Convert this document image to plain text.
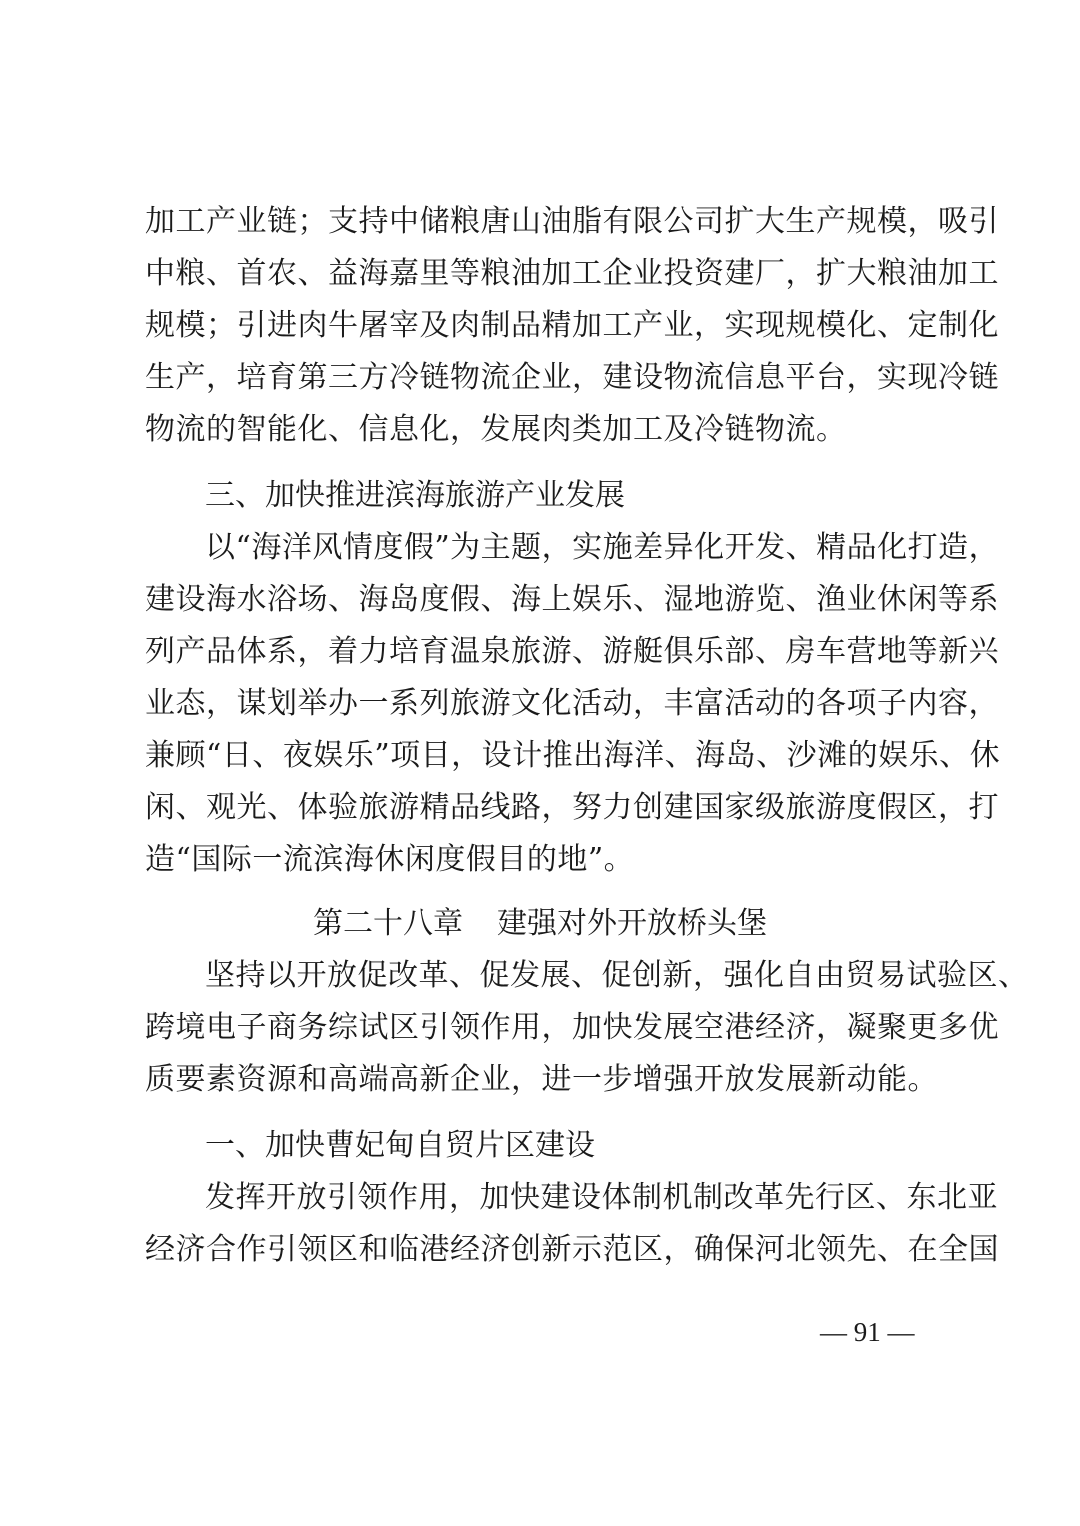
加工产业链；支持中储粮唐山油脂有限公司扩大生产规模，吸引
中粮、首农、益海嘉里等粮油加工企业投资建厂，扩大粮油加工
规模；引进肉牛屠宰及肉制品精加工产业，实现规模化、定制化
生产，培育第三方冷链物流企业，建设物流信息平台，实现冷链
物流的智能化、信息化，发展肉类加工及冷链物流。
三、加快推进滨海旅游产业发展
以“海洋风情度假”为主题，实施差异化开发、精品化打造，
建设海水浴场、海岛度假、海上娱乐、湿地游览、渔业休闲等系
列产品体系，着力培育温泉旅游、游艇俱乐部、房车营地等新兴
业态，谋划举办一系列旅游文化活动，丰富活动的各项子内容，
兼顾“日、夜娱乐”项目，设计推出海洋、海岛、沙滩的娱乐、休
闲、观光、体验旅游精品线路，努力创建国家级旅游度假区，打
造“国际一流滨海休闲度假目的地”。
第二十八章 建强对外开放桥头堡
坚持以开放促改革、促发展、促创新，强化自由贸易试验区、
跨境电子商务综试区引领作用，加快发展空港经济，凝聚更多优
质要素资源和高端高新企业，进一步增强开放发展新动能。
一、加快曹妃甸自贸片区建设
发挥开放引领作用，加快建设体制机制改革先行区、东北亚
经济合作引领区和临港经济创新示范区，确保河北领先、在全国
— 91 —
